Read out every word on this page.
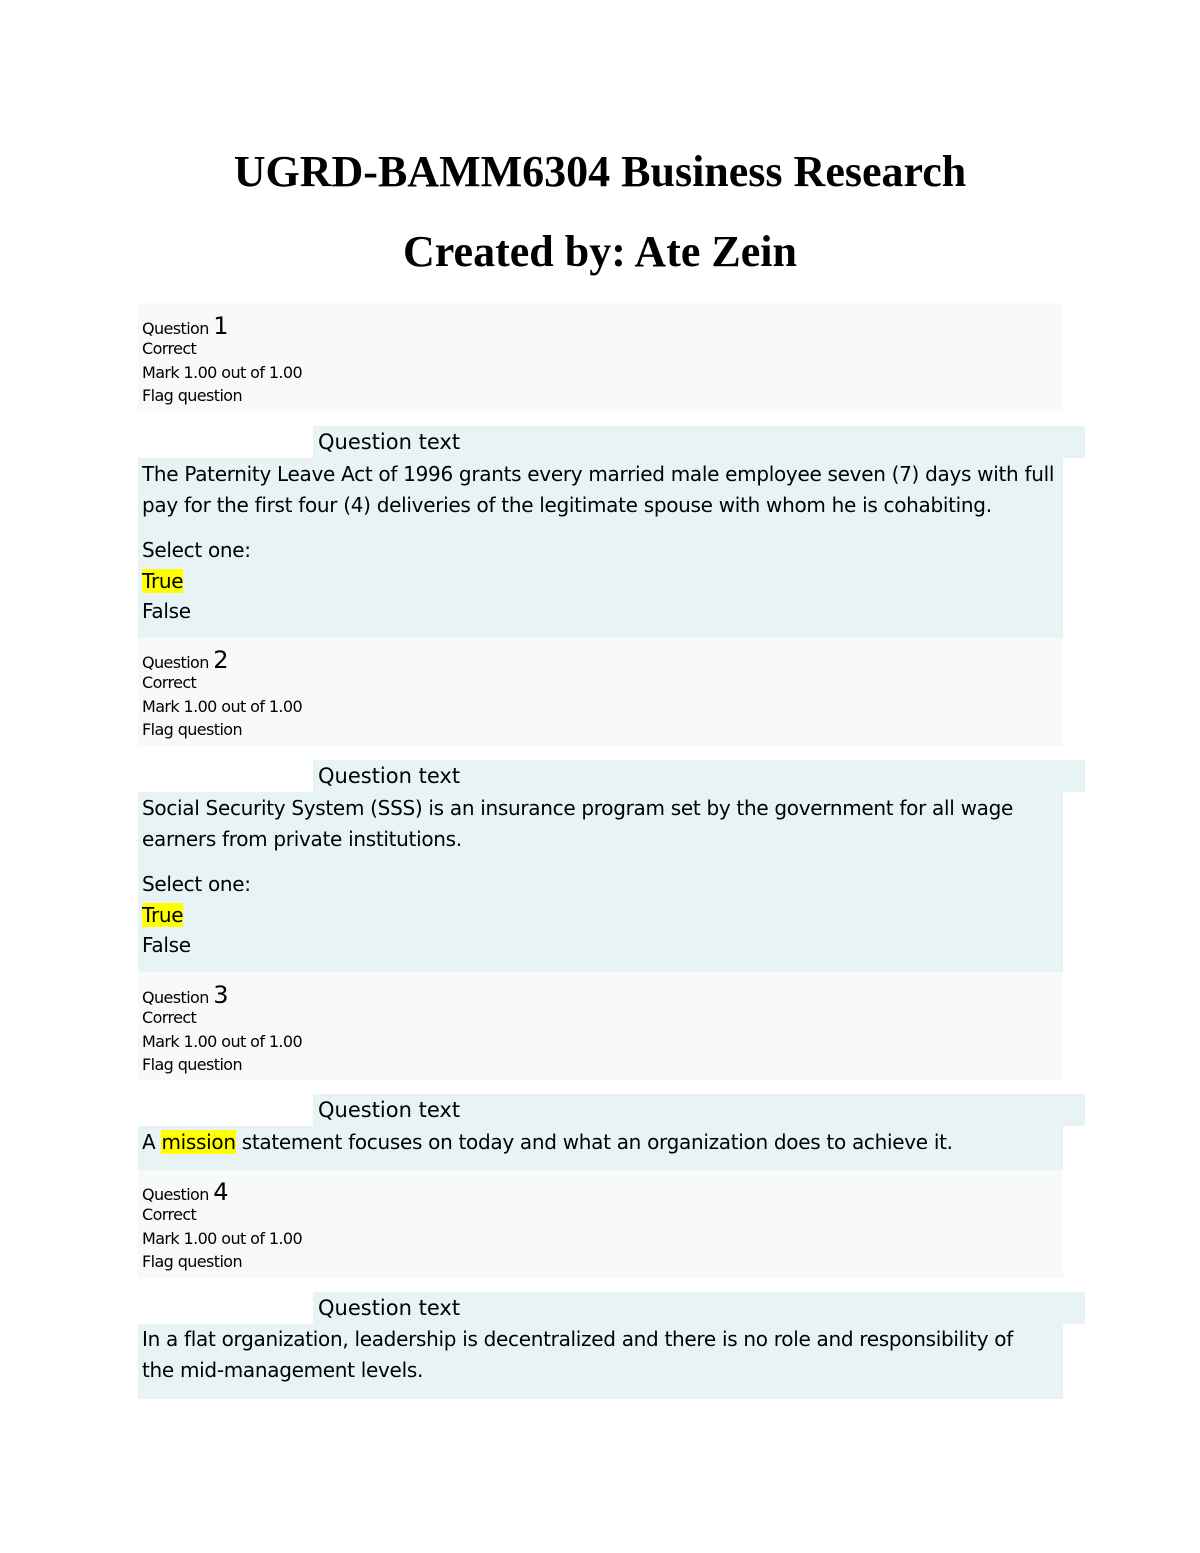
UGRD-BAMM6304 Business Research
Created by: Ate Zein
Question 1
Correct
Mark 1.00 out of 1.00
Flag question
Question text
The Paternity Leave Act of 1996 grants every married male employee seven (7) days with full
pay for the first four (4) deliveries of the legitimate spouse with whom he is cohabiting.
Select one:
True
False
Question 2
Correct
Mark 1.00 out of 1.00
Flag question
Question text
Social Security System (SSS) is an insurance program set by the government for all wage
earners from private institutions.
Select one:
True
False
Question 3
Correct
Mark 1.00 out of 1.00
Flag question
Question text
A mission statement focuses on today and what an organization does to achieve it.
Question 4
Correct
Mark 1.00 out of 1.00
Flag question
Question text
In a flat organization, leadership is decentralized and there is no role and responsibility of
the mid-management levels.
